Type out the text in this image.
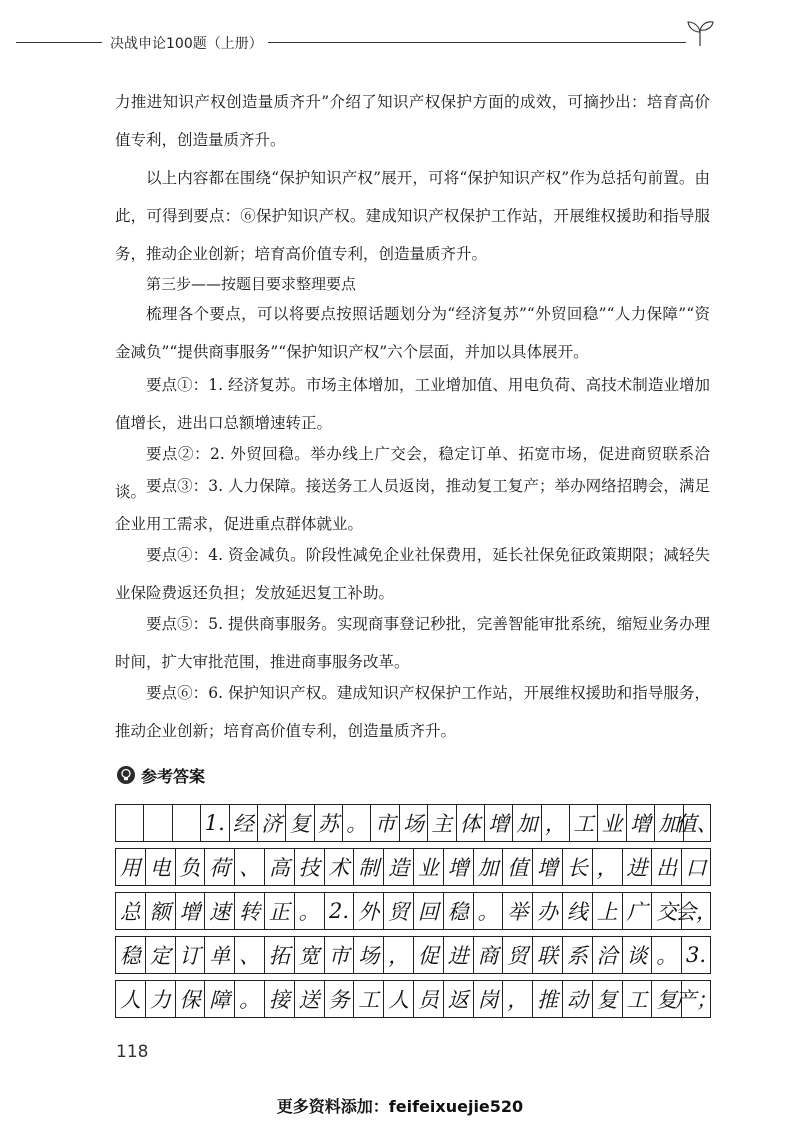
决战申论100题（上册）
力推进知识产权创造量质齐升”介绍了知识产权保护方面的成效，可摘抄出：培育高价值专利，创造量质齐升。
以上内容都在围绕“保护知识产权”展开，可将“保护知识产权”作为总括句前置。由此，可得到要点：⑥保护知识产权。建成知识产权保护工作站，开展维权援助和指导服务，推动企业创新；培育高价值专利，创造量质齐升。
第三步——按题目要求整理要点
梳理各个要点，可以将要点按照话题划分为“经济复苏”“外贸回稳”“人力保障”“资金减负”“提供商事服务”“保护知识产权”六个层面，并加以具体展开。
要点①：1. 经济复苏。市场主体增加，工业增加值、用电负荷、高技术制造业增加值增长，进出口总额增速转正。
要点②：2. 外贸回稳。举办线上广交会，稳定订单、拓宽市场，促进商贸联系洽谈。 要点③：3. 人力保障。接送务工人员返岗，推动复工复产；举办网络招聘会，满足企业用工需求，促进重点群体就业。
要点④：4. 资金减负。阶段性减免企业社保费用，延长社保免征政策期限；减轻失业保险费返还负担；发放延迟复工补助。
要点⑤：5. 提供商事服务。实现商事登记秒批，完善智能审批系统，缩短业务办理时间，扩大审批范围，推进商事服务改革。
要点⑥：6. 保护知识产权。建成知识产权保护工作站，开展维权援助和指导服务，推动企业创新；培育高价值专利，创造量质齐升。
参考答案
1. 经 济 复 苏 。 市 场 主 体 增 加 ， 工 业 增 加
值、
用 电 负 荷 、 高 技 术 制 造 业 增 加 值 增 长 ， 进 出 口
总 额 增 速 转 正 。 2. 外 贸 回 稳 。 举 办 线 上 广 交
会，
稳 定 订 单 、 拓 宽 市 场 ， 促 进 商 贸 联 系 洽 谈 。 3.
人 力 保 障 。 接 送 务 工 人 员 返 岗 ， 推 动 复 工 复
产；
118
更多资料添加：feifeixuejie520
